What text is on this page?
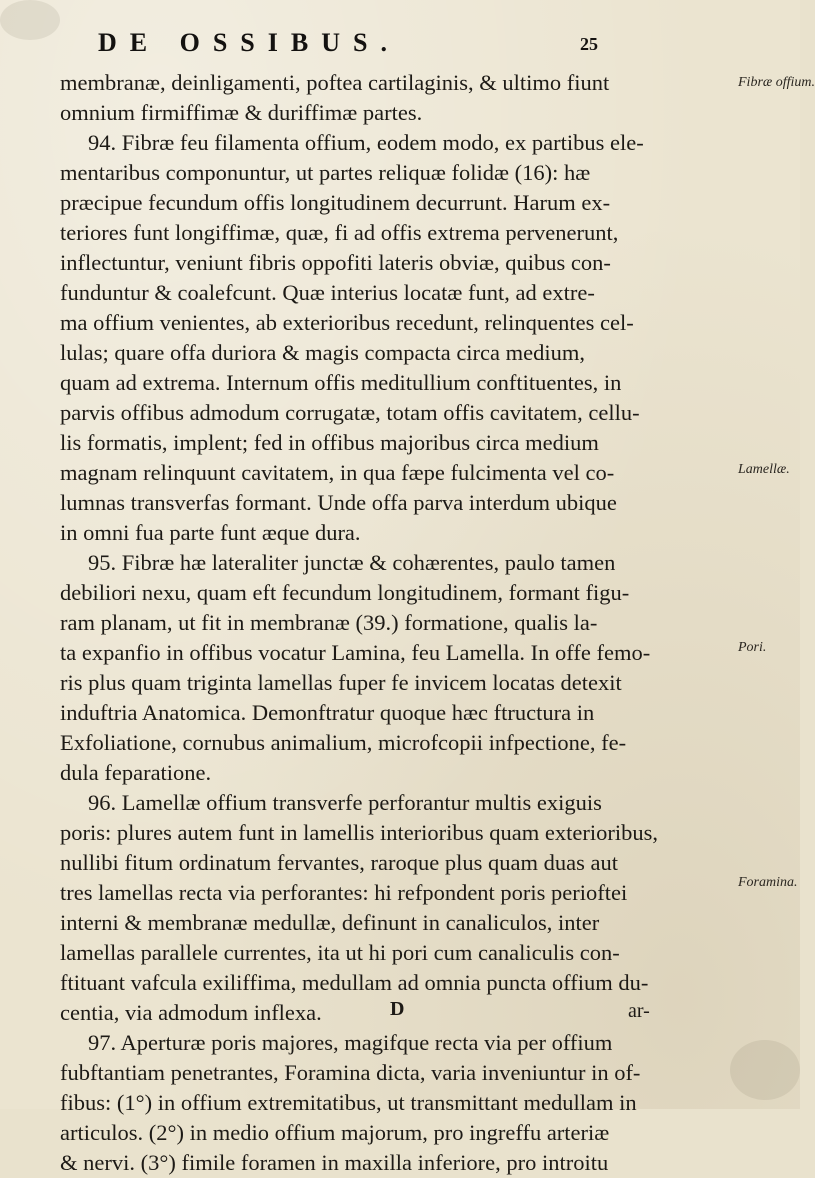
DE OSSIBUS.	25
membranæ, deinligamenti, poftea cartilaginis, & ultimo fiunt
omnium firmiffimæ & duriffimæ partes.
94. Fibræ feu filamenta offium, eodem modo, ex partibus ele-
mentaribus componuntur, ut partes reliquæ folidæ (16): hæ
præcipue fecundum offis longitudinem decurrunt. Harum ex-
teriores funt longiffimæ, quæ, fi ad offis extrema pervenerunt,
inflectuntur, veniunt fibris oppofiti lateris obviæ, quibus con-
funduntur & coalefcunt. Quæ interius locatæ funt, ad extre-
ma offium venientes, ab exterioribus recedunt, relinquentes cel-
lulas; quare offa duriora & magis compacta circa medium,
quam ad extrema. Internum offis meditullium conftituentes, in
parvis offibus admodum corrugatæ, totam offis cavitatem, cellu-
lis formatis, implent; fed in offibus majoribus circa medium
magnam relinquunt cavitatem, in qua fæpe fulcimenta vel co-
lumnas transverfas formant. Unde offa parva interdum ubique
in omni fua parte funt æque dura.
95. Fibræ hæ lateraliter junctæ & cohærentes, paulo tamen
debiliori nexu, quam eft fecundum longitudinem, formant figu-
ram planam, ut fit in membranæ (39.) formatione, qualis la-
ta expanfio in offibus vocatur Lamina, feu Lamella. In offe femo-
ris plus quam triginta lamellas fuper fe invicem locatas detexit
induftria Anatomica. Demonftratur quoque hæc ftructura in
Exfoliatione, cornubus animalium, microfcopii infpectione, fe-
dula feparatione.
96. Lamellæ offium transverfe perforantur multis exiguis
poris: plures autem funt in lamellis interioribus quam exterioribus,
nullibi fitum ordinatum fervantes, raroque plus quam duas aut
tres lamellas recta via perforantes: hi refpondent poris perioftei
interni & membranæ medullæ, definunt in canaliculos, inter
lamellas parallele currentes, ita ut hi pori cum canaliculis con-
ftituant vafcula exiliffima, medullam ad omnia puncta offium du-
centia, via admodum inflexa.
97. Aperturæ poris majores, magifque recta via per offium
fubftantiam penetrantes, Foramina dicta, varia inveniuntur in of-
fibus: (1°) in offium extremitatibus, ut transmittant medullam in
articulos. (2°) in medio offium majorum, pro ingreffu arteriæ
& nervi. (3°) fimile foramen in maxilla inferiore, pro introitu
Fibræ offium.
Lamellæ.
Pori.
Foramina.
D	ar-
